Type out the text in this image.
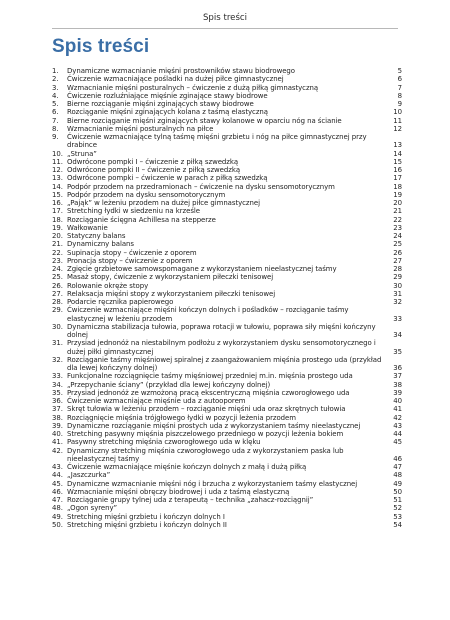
Spis treści
Spis treści
1.	Dynamiczne wzmacnianie mięśni prostowników stawu biodrowego	5
2.	Ćwiczenie wzmacniające pośladki na dużej piłce gimnastycznej	6
3.	Wzmacnianie mięśni posturalnych – ćwiczenie z dużą piłką gimnastyczną	7
4.	Ćwiczenie rozluźniające mięśnie zginające stawy biodrowe	8
5.	Bierne rozciąganie mięśni zginających stawy biodrowe	9
6.	Rozciąganie mięśni zginających kolana z taśmą elastyczną	10
7.	Bierne rozciąganie mięśni zginających stawy kolanowe w oparciu nóg na ścianie	11
8.	Wzmacnianie mięśni posturalnych na piłce	12
9.	Ćwiczenie wzmacniające tylną taśmę mięśni grzbietu i nóg na piłce gimnastycznej przy drabince	13
10. „Struna”	14
11. Odwrócone pompki I – ćwiczenie z piłką szwedzką	15
12. Odwrócone pompki II – ćwiczenie z piłką szwedzką	16
13. Odwrócone pompki – ćwiczenie w parach z piłką szwedzką	17
14. Podpór przodem na przedramionach – ćwiczenie na dysku sensomotorycznym	18
15. Podpór przodem na dysku sensomotorycznym	19
16. „Pająk” w leżeniu przodem na dużej piłce gimnastycznej	20
17. Stretching łydki w siedzeniu na krześle	21
18. Rozciąganie ścięgna Achillesa na stepperze	22
19. Wałkowanie	23
20. Statyczny balans	24
21. Dynamiczny balans	25
22. Supinacja stopy – ćwiczenie z oporem	26
23. Pronacja stopy – ćwiczenie z oporem	27
24. Zgięcie grzbietowe samowspomagane z wykorzystaniem nieelastycznej taśmy	28
25. Masaż stopy, ćwiczenie z wykorzystaniem piłeczki tenisowej	29
26. Rolowanie okręże stopy	30
27. Relaksacja mięśni stopy z wykorzystaniem piłeczki tenisowej	31
28. Podarcie ręcznika papierowego	32
29. Ćwiczenie wzmacniające mięśni kończyn dolnych i pośladków – rozciąganie taśmy elastycznej w leżeniu przodem	33
30. Dynamiczna stabilizacja tułowia, poprawa rotacji w tułowiu, poprawa siły mięśni kończyny dolnej	34
31. Przysiad jednonóż na niestabilnym podłożu z wykorzystaniem dysku sensomotorycznego i dużej piłki gimnastycznej	35
32. Rozciąganie taśmy mięśniowej spiralnej z zaangażowaniem mięśnia prostego uda (przykład dla lewej kończyny dolnej)	36
33. Funkcjonalne rozciągnięcie taśmy mięśniowej przedniej m.in. mięśnia prostego uda	37
34. „Przepychanie ściany” (przykład dla lewej kończyny dolnej)	38
35. Przysiad jednonóż ze wzmożoną pracą ekscentryczną mięśnia czworogłowego uda	39
36. Ćwiczenie wzmacniające mięśnie uda z autooporem	40
37. Skręt tułowia w leżeniu przodem – rozciąganie mięśni uda oraz skrętnych tułowia	41
38. Rozciągnięcie mięśnia trójgłowego łydki w pozycji leżenia przodem	42
39. Dynamiczne rozciąganie mięśni prostych uda z wykorzystaniem taśmy nieelastycznej	43
40. Stretching pasywny mięśnia piszczelowego przedniego w pozycji leżenia bokiem	44
41. Pasywny stretching mięśnia czworogłowego uda w klęku	45
42. Dynamiczny stretching mięśnia czworogłowego uda z wykorzystaniem paska lub nieelastycznej taśmy	46
43. Ćwiczenie wzmacniające mięśnie kończyn dolnych z małą i dużą piłką	47
44. „Jaszczurka”	48
45. Dynamiczne wzmacnianie mięśni nóg i brzucha z wykorzystaniem taśmy elastycznej	49
46. Wzmacnianie mięśni obręczy biodrowej i uda z taśmą elastyczną	50
47. Rozciąganie grupy tylnej uda z terapeutą – technika „zahacz-rozciągnij”	51
48. „Ogon syreny”	52
49. Stretching mięśni grzbietu i kończyn dolnych I	53
50. Stretching mięśni grzbietu i kończyn dolnych II	54
